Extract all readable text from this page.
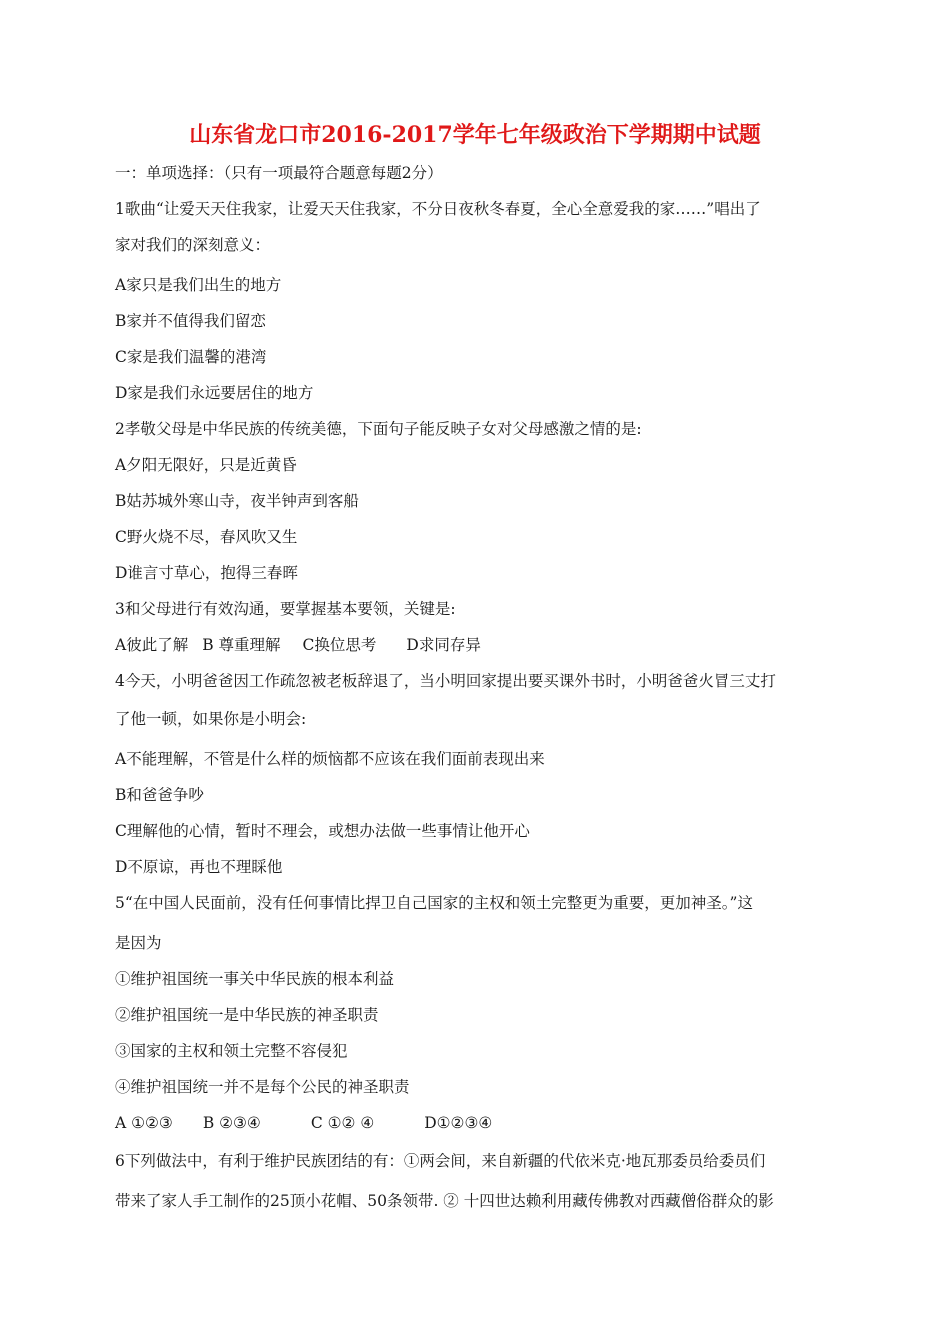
山东省龙口市2016-2017学年七年级政治下学期期中试题
一：单项选择：（只有一项最符合题意每题2分）
1歌曲“让爱天天住我家，让爱天天住我家，不分日夜秋冬春夏，全心全意爱我的家……”唱出了
家对我们的深刻意义：
A家只是我们出生的地方
B家并不值得我们留恋
C家是我们温馨的港湾
D家是我们永远要居住的地方
2孝敬父母是中华民族的传统美德，下面句子能反映子女对父母感激之情的是:
A夕阳无限好，只是近黄昏
B姑苏城外寒山寺，夜半钟声到客船
C野火烧不尽，春风吹又生
D谁言寸草心，抱得三春晖
3和父母进行有效沟通，要掌握基本要领，关键是:
A彼此了解 B 尊重理解 C换位思考 D求同存异
4今天，小明爸爸因工作疏忽被老板辞退了，当小明回家提出要买课外书时，小明爸爸火冒三丈打
了他一顿，如果你是小明会:
A不能理解，不管是什么样的烦恼都不应该在我们面前表现出来
B和爸爸争吵
C理解他的心情，暂时不理会，或想办法做一些事情让他开心
D不原谅，再也不理睬他
5“在中国人民面前，没有任何事情比捍卫自己国家的主权和领土完整更为重要，更加神圣。”这
是因为
①维护祖国统一事关中华民族的根本利益
②维护祖国统一是中华民族的神圣职责
③国家的主权和领土完整不容侵犯
④维护祖国统一并不是每个公民的神圣职责
A ①②③ B ②③④	C ①② ④	D①②③④
6下列做法中，有利于维护民族团结的有：①两会间，来自新疆的代依米克·地瓦那委员给委员们
带来了家人手工制作的25顶小花帽、50条领带. ② 十四世达赖利用藏传佛教对西藏僧俗群众的影
